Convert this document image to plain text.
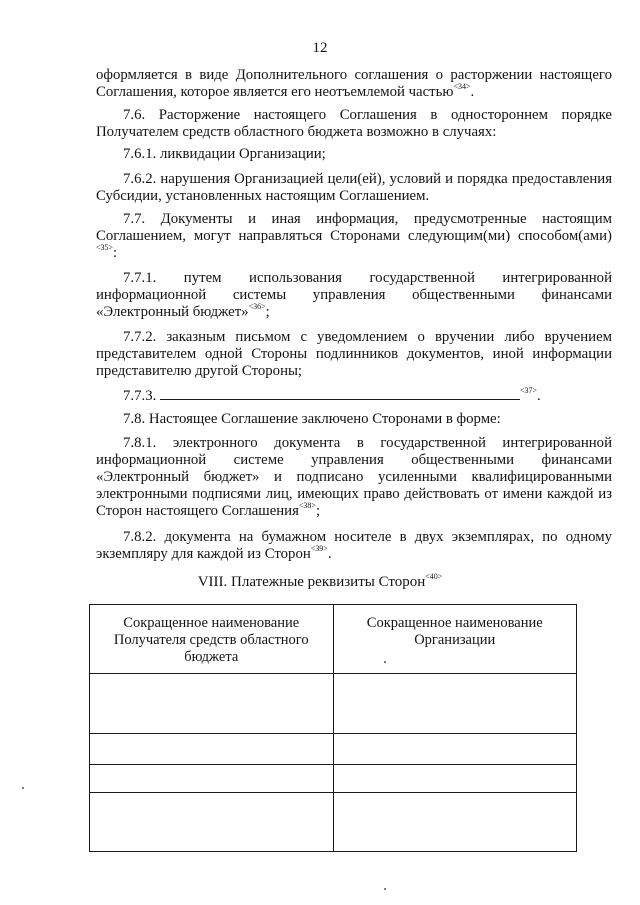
12
оформляется в виде Дополнительного соглашения о расторжении настоящего Соглашения, которое является его неотъемлемой частью$^{<34>}$.
7.6. Расторжение настоящего Соглашения в одностороннем порядке Получателем средств областного бюджета возможно в случаях:
7.6.1. ликвидации Организации;
7.6.2. нарушения Организацией цели(ей), условий и порядка предоставления Субсидии, установленных настоящим Соглашением.
7.7. Документы и иная информация, предусмотренные настоящим Соглашением, могут направляться Сторонами следующим(ми) способом(ами)$^{<35>}$:
7.7.1. путем использования государственной интегрированной информационной системы управления общественными финансами «Электронный бюджет»$^{<36>}$;
7.7.2. заказным письмом с уведомлением о вручении либо вручением представителем одной Стороны подлинников документов, иной информации представителю другой Стороны;
7.7.3.	$^{<37>}$.
7.8. Настоящее Соглашение заключено Сторонами в форме:
7.8.1. электронного документа в государственной интегрированной информационной системе управления общественными финансами «Электронный бюджет» и подписано усиленными квалифицированными электронными подписями лиц, имеющих право действовать от имени каждой из Сторон настоящего Соглашения$^{<38>}$;
7.8.2. документа на бумажном носителе в двух экземплярах, по одному экземпляру для каждой из Сторон$^{<39>}$.
VIII. Платежные реквизиты Сторон$^{<40>}$
Сокращенное наименование Получателя средств областного бюджета	Сокращенное наименование Организации
